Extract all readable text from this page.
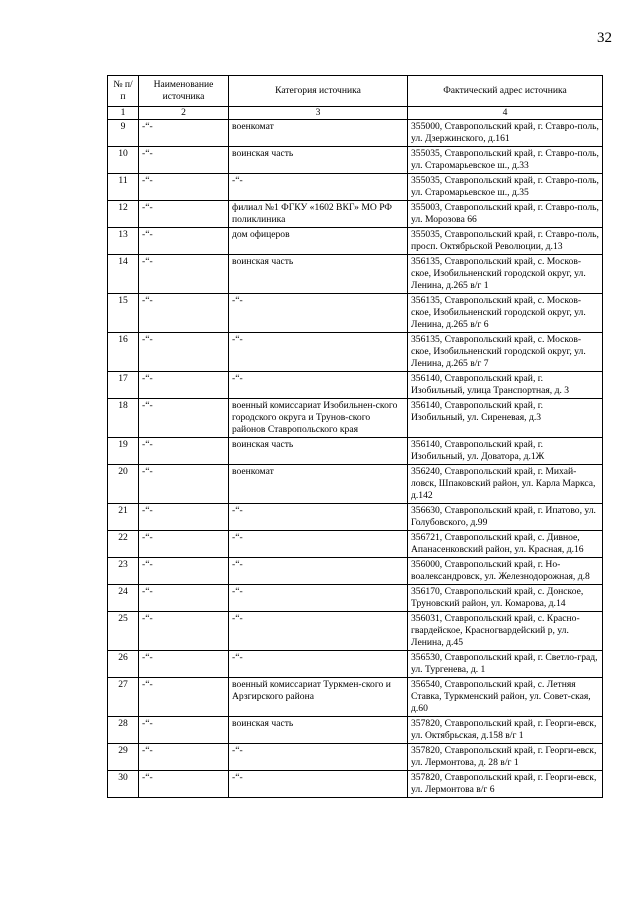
32
№ п/п	Наименование источника	Категория источника	Фактический адрес источника
1	2	3	4
9	-“-	военкомат	355000, Ставропольский край, г. Ставро-поль, ул. Дзержинского, д.161
10	-“-	воинская часть	355035, Ставропольский край, г. Ставро-поль, ул. Старомарьевское ш., д.33
11	-“-	-“-	355035, Ставропольский край, г. Ставро-поль, ул. Старомарьевское ш., д.35
12	-“-	филиал №1 ФГКУ «1602 ВКГ» МО РФ поликлиника	355003, Ставропольский край, г. Ставро-поль, ул. Морозова 66
13	-“-	дом офицеров	355035, Ставропольский край, г. Ставро-поль, просп. Октябрьской Революции, д.13
14	-“-	воинская часть	356135, Ставропольский край, с. Москов-ское, Изобильненский городской округ, ул. Ленина, д.265 в/г 1
15	-“-	-“-	356135, Ставропольский край, с. Москов-ское, Изобильненский городской округ, ул. Ленина, д.265 в/г 6
16	-“-	-“-	356135, Ставропольский край, с. Москов-ское, Изобильненский городской округ, ул. Ленина, д.265 в/г 7
17	-“-	-“-	356140, Ставропольский край, г. Изобильный, улица Транспортная, д. 3
18	-“-	военный комиссариат Изобильнен-ского городского округа и Трунов-ского районов Ставропольского края	356140, Ставропольский край, г. Изобильный, ул. Сиреневая, д.3
19	-“-	воинская часть	356140, Ставропольский край, г. Изобильный, ул. Доватора, д.1Ж
20	-“-	военкомат	356240, Ставропольский край, г. Михай-ловск, Шпаковский район, ул. Карла Маркса, д.142
21	-“-	-“-	356630, Ставропольский край, г. Ипатово, ул. Голубовского, д.99
22	-“-	-“-	356721, Ставропольский край, с. Дивное, Апанасенковский район, ул. Красная, д.16
23	-“-	-“-	356000, Ставропольский край, г. Но-воалександровск, ул. Железнодорожная, д.8
24	-“-	-“-	356170, Ставропольский край, с. Донское, Труновский район, ул. Комарова, д.14
25	-“-	-“-	356031, Ставропольский край, с. Красно-гвардейское, Красногвардейский р, ул. Ленина, д.45
26	-“-	-“-	356530, Ставропольский край, г. Светло-град, ул. Тургенева, д. 1
27	-“-	военный комиссариат Туркмен-ского и Арзгирского района	356540, Ставропольский край, с. Летняя Ставка, Туркменский район, ул. Совет-ская, д.60
28	-“-	воинская часть	357820, Ставропольский край, г. Георги-евск, ул. Октябрьская, д.158 в/г 1
29	-“-	-“-	357820, Ставропольский край, г. Георги-евск, ул. Лермонтова, д. 28 в/г 1
30	-“-	-“-	357820, Ставропольский край, г. Георги-евск, ул. Лермонтова в/г 6
